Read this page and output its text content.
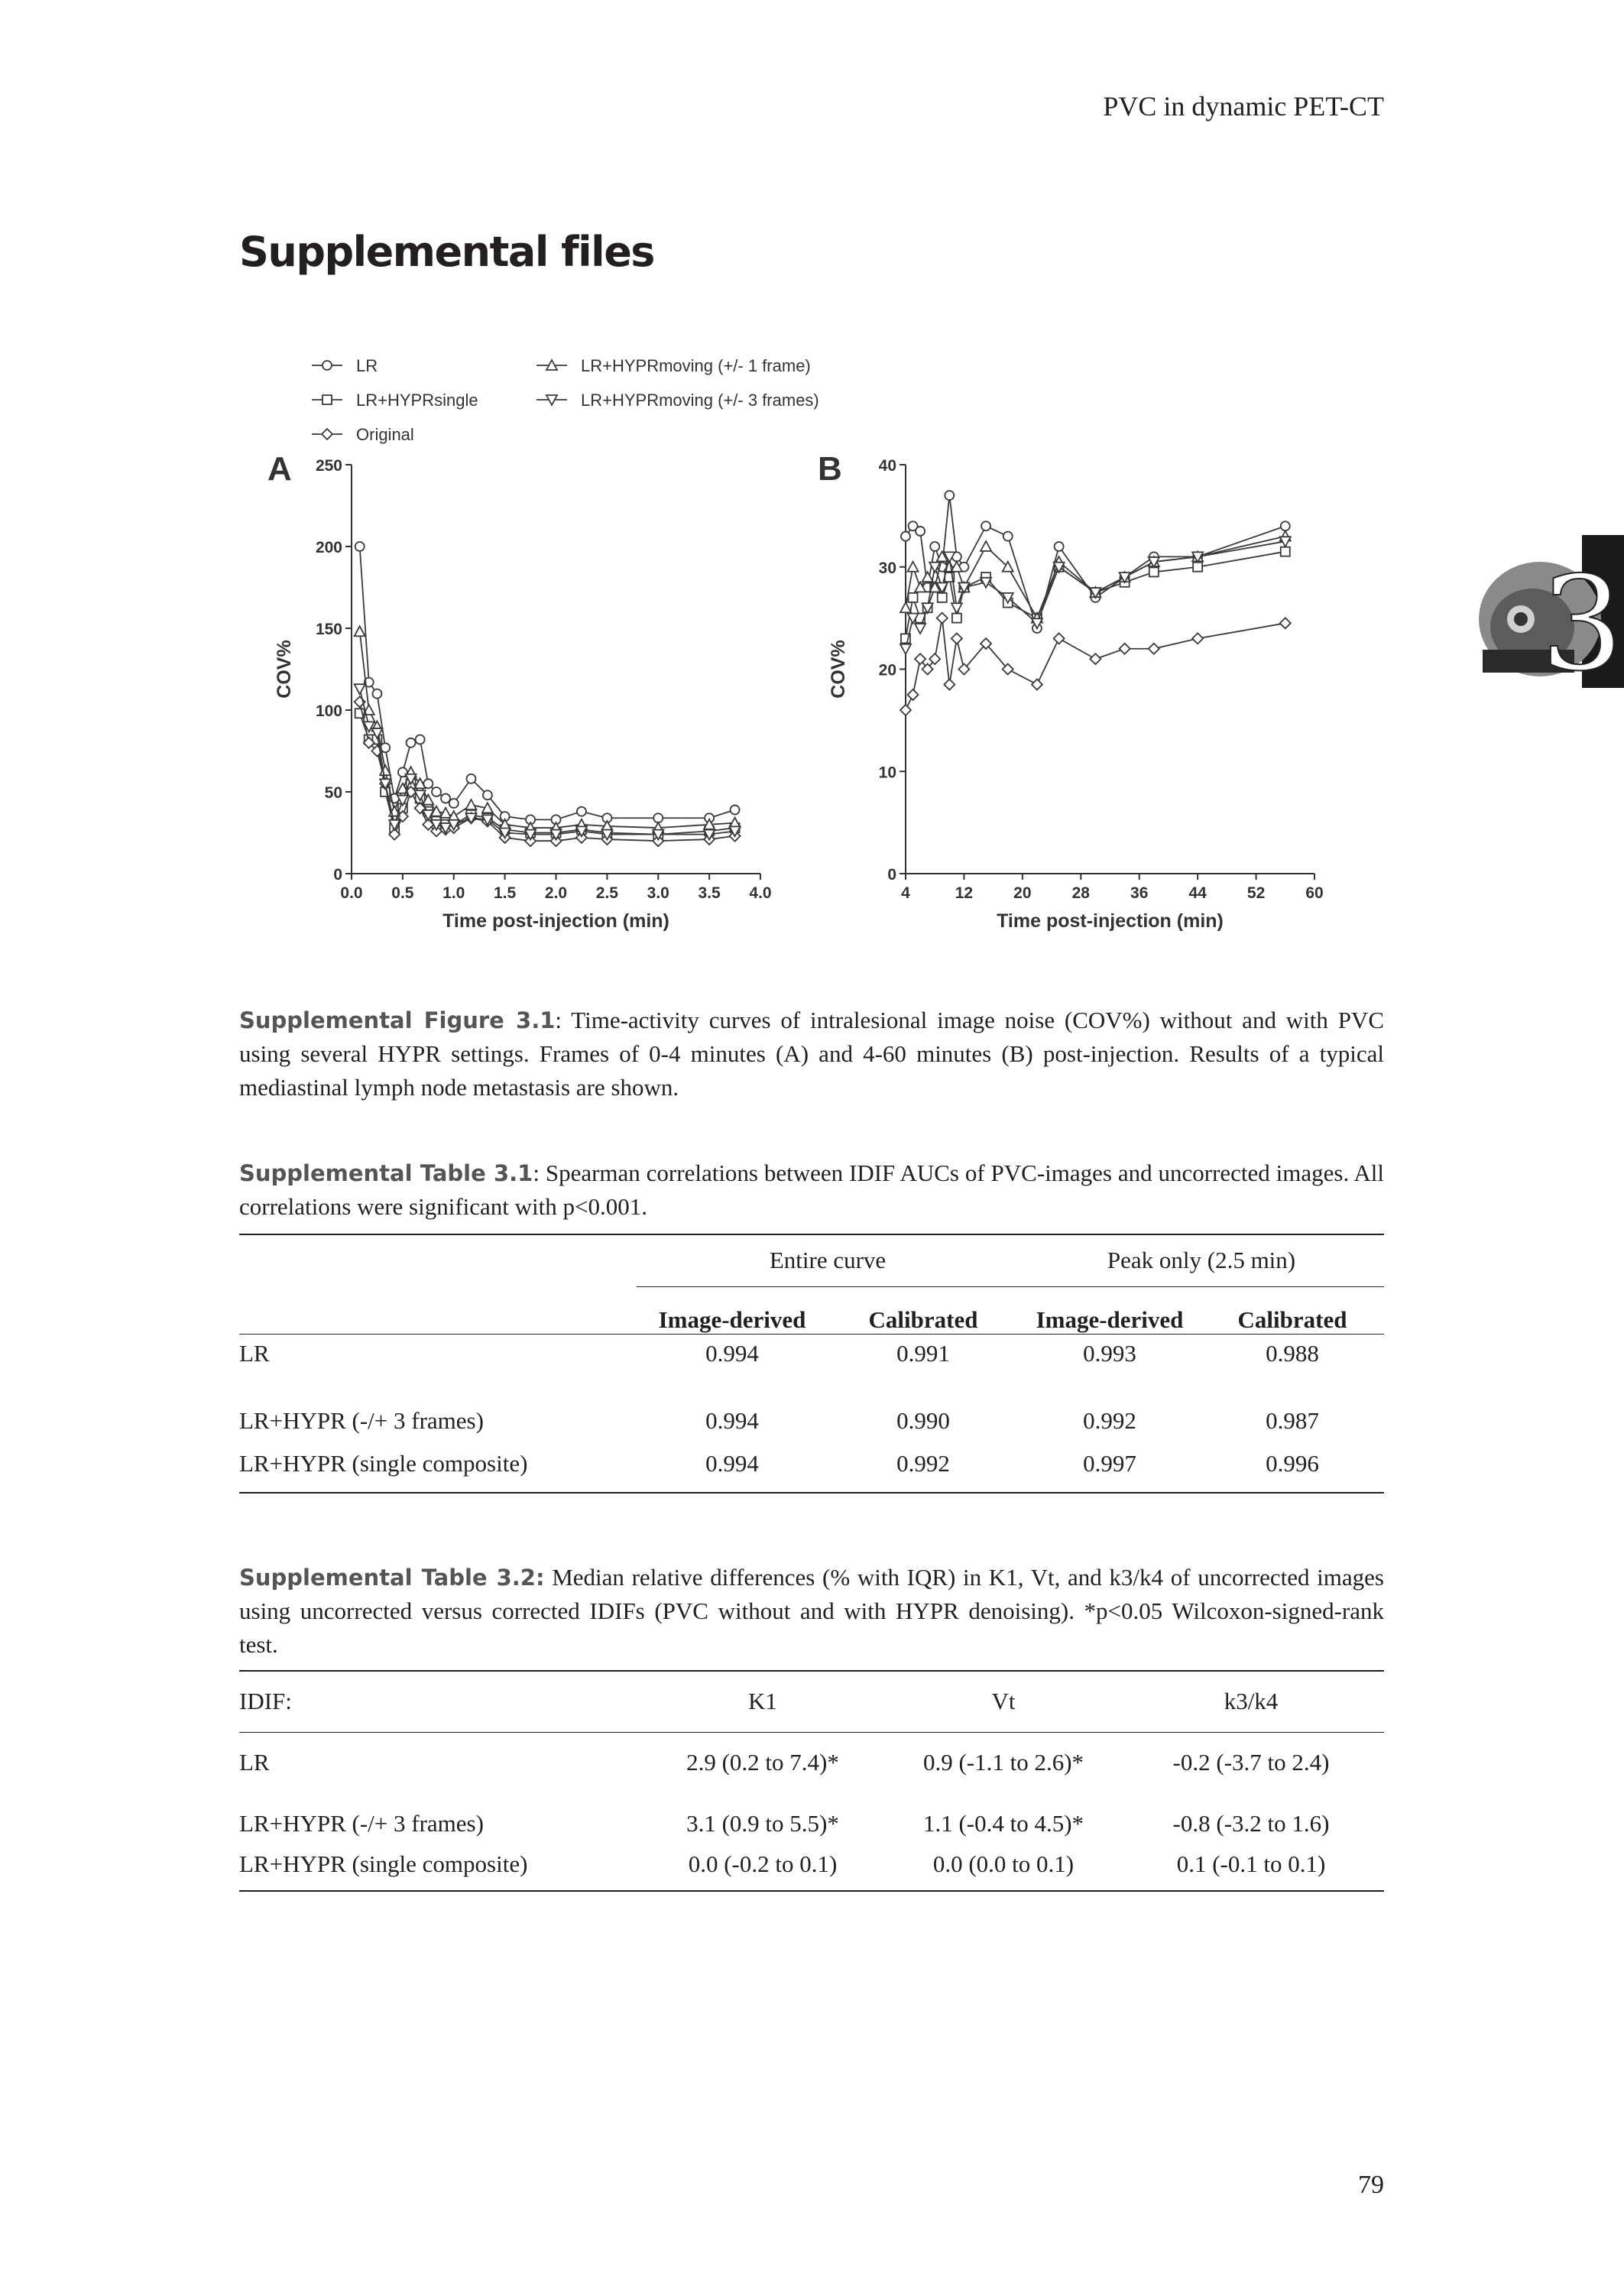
PVC in dynamic PET-CT
Supplemental files
3
LR
LR+HYPRsingle
Original
LR+HYPRmoving (+/- 1 frame)
LR+HYPRmoving (+/- 3 frames)
A
0
50
100
150
200
250
0.0 0.5 1.0 1.5 2.0 2.5 3.0 3.5 4.0
Time post-injection (min)
COV%
B
0
10
20
30
40
4	12	20	28	36	44	52	60
Time post-injection (min)
COV%
Supplemental Figure 3.1: Time-activity curves of intralesional image noise (COV%) without and with PVC using several HYPR settings. Frames of 0-4 minutes (A) and 4-60 minutes (B) post-injection. Results of a typical mediastinal lymph node metastasis are shown.
Supplemental Table 3.1: Spearman correlations between IDIF AUCs of PVC-images and uncorrected images. All correlations were significant with p<0.001.
	Entire curve		Peak only (2.5 min)	
	Image-derived	Calibrated	Image-derived	Calibrated
LR	0.994	0.991	0.993	0.988
LR+HYPR (-/+ 3 frames)	0.994	0.990	0.992	0.987
LR+HYPR (single composite)	0.994	0.992	0.997	0.996
Supplemental Table 3.2: Median relative differences (% with IQR) in K1, Vt, and k3/k4 of uncorrected images using uncorrected versus corrected IDIFs (PVC without and with HYPR denoising). *p<0.05 Wilcoxon-signed-rank test.
IDIF:	K1	Vt	k3/k4
LR	2.9 (0.2 to 7.4)*	0.9 (-1.1 to 2.6)*	-0.2 (-3.7 to 2.4)
LR+HYPR (-/+ 3 frames)	3.1 (0.9 to 5.5)*	1.1 (-0.4 to 4.5)*	-0.8 (-3.2 to 1.6)
LR+HYPR (single composite)	0.0 (-0.2 to 0.1)	0.0 (0.0 to 0.1)	0.1 (-0.1 to 0.1)
79
